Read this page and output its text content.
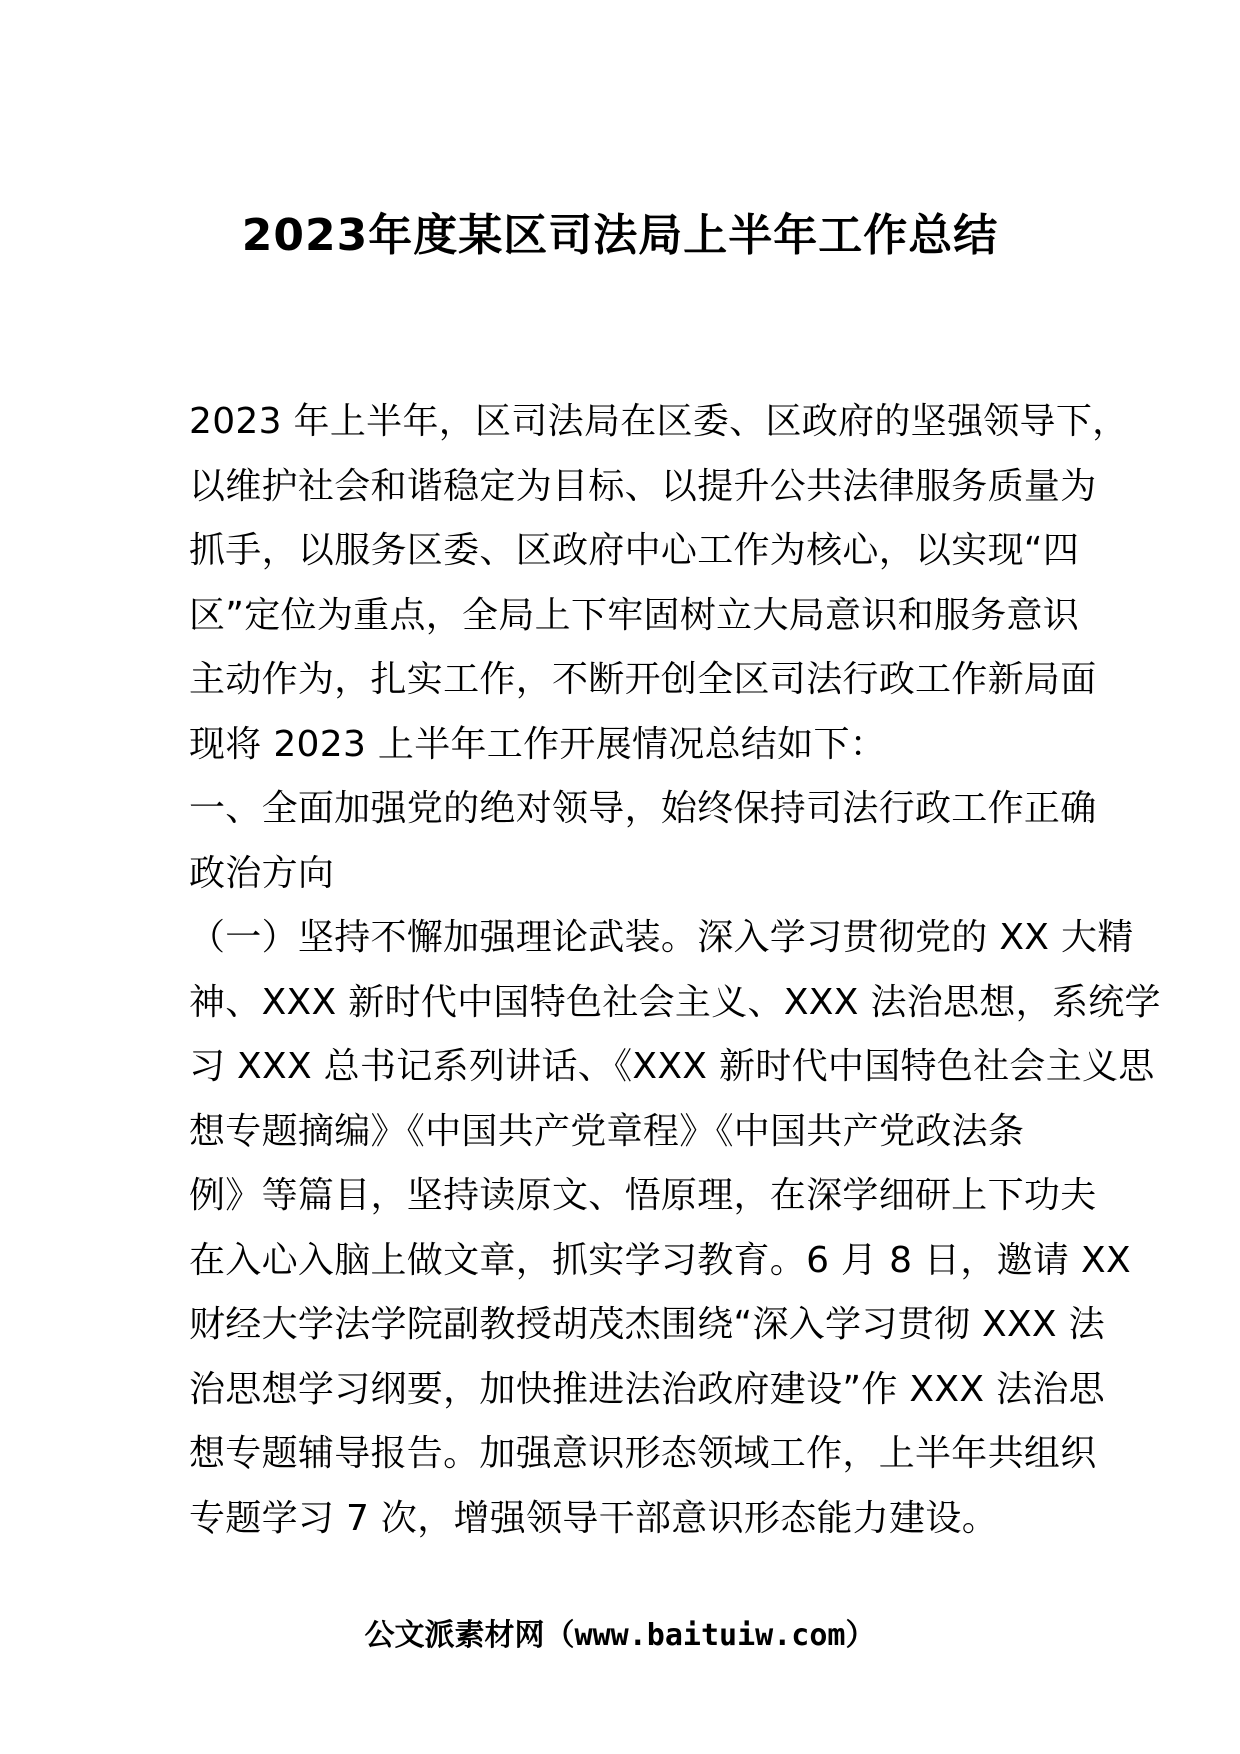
2023年度某区司法局上半年工作总结
2023 年上半年，区司法局在区委、区政府的坚强领导下，
以维护社会和谐稳定为目标、以提升公共法律服务质量为
抓手，以服务区委、区政府中心工作为核心，以实现“四
区”定位为重点，全局上下牢固树立大局意识和服务意识
主动作为，扎实工作，不断开创全区司法行政工作新局面
现将 2023 上半年工作开展情况总结如下：
一、全面加强党的绝对领导，始终保持司法行政工作正确
政治方向
（一）坚持不懈加强理论武装。深入学习贯彻党的 XX 大精
神、XXX 新时代中国特色社会主义、XXX 法治思想，系统学
习 XXX 总书记系列讲话、《XXX 新时代中国特色社会主义思
想专题摘编》《中国共产党章程》《中国共产党政法条
例》等篇目，坚持读原文、悟原理，在深学细研上下功夫
在入心入脑上做文章，抓实学习教育。6 月 8 日，邀请 XX
财经大学法学院副教授胡茂杰围绕“深入学习贯彻 XXX 法
治思想学习纲要，加快推进法治政府建设”作 XXX 法治思
想专题辅导报告。加强意识形态领域工作，上半年共组织
专题学习 7 次，增强领导干部意识形态能力建设。
公文派素材网（www.baituiw.com）
